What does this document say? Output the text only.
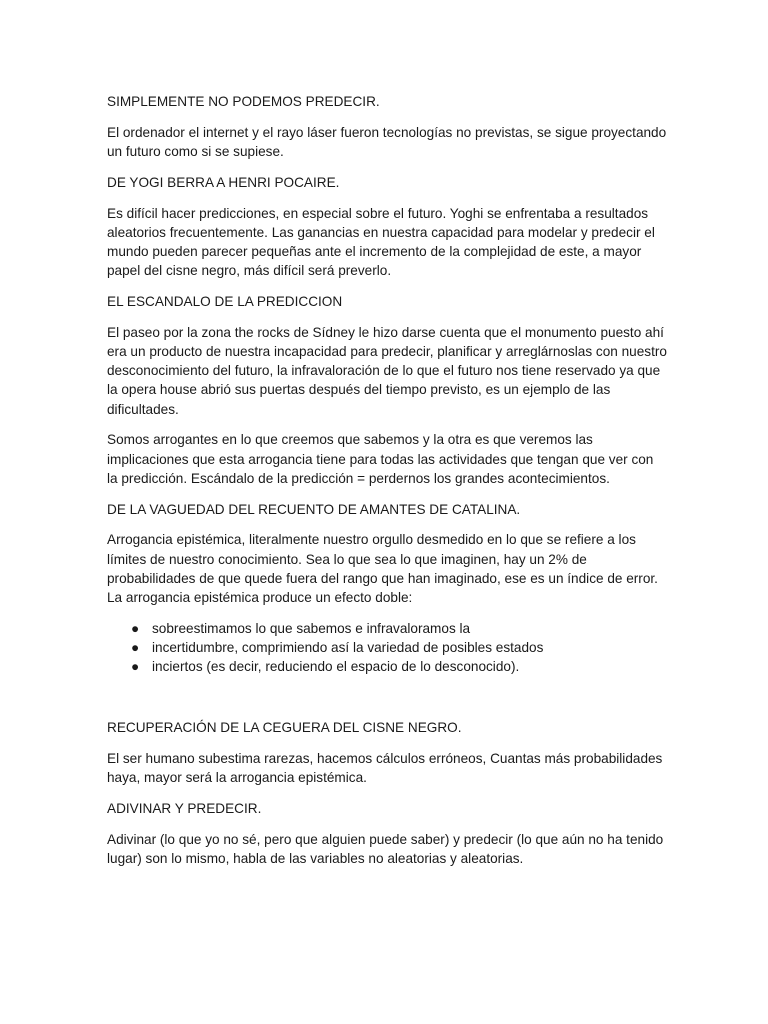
SIMPLEMENTE NO PODEMOS PREDECIR.

El ordenador el internet y el rayo láser fueron tecnologías no previstas, se sigue proyectando un futuro como si se supiese.

DE YOGI BERRA A HENRI POCAIRE.

Es difícil hacer predicciones, en especial sobre el futuro. Yoghi se enfrentaba a resultados aleatorios frecuentemente. Las ganancias en nuestra capacidad para modelar y predecir el mundo pueden parecer pequeñas ante el incremento de la complejidad de este, a mayor papel del cisne negro, más difícil será preverlo.

EL ESCANDALO DE LA PREDICCION

El paseo por la zona the rocks de Sídney le hizo darse cuenta que el monumento puesto ahí era un producto de nuestra incapacidad para predecir, planificar y arreglárnoslas con nuestro desconocimiento del futuro, la infravaloración de lo que el futuro nos tiene reservado ya que la opera house abrió sus puertas después del tiempo previsto, es un ejemplo de las dificultades.

Somos arrogantes en lo que creemos que sabemos y la otra es que veremos las implicaciones que esta arrogancia tiene para todas las actividades que tengan que ver con la predicción. Escándalo de la predicción = perdernos los grandes acontecimientos.

DE LA VAGUEDAD DEL RECUENTO DE AMANTES DE CATALINA.

Arrogancia epistémica, literalmente nuestro orgullo desmedido en lo que se refiere a los límites de nuestro conocimiento. Sea lo que sea lo que imaginen, hay un 2% de probabilidades de que quede fuera del rango que han imaginado, ese es un índice de error. La arrogancia epistémica produce un efecto doble:

● sobreestimamos lo que sabemos e infravaloramos la
● incertidumbre, comprimiendo así la variedad de posibles estados
● inciertos (es decir, reduciendo el espacio de lo desconocido).

RECUPERACIÓN DE LA CEGUERA DEL CISNE NEGRO.

El ser humano subestima rarezas, hacemos cálculos erróneos, Cuantas más probabilidades haya, mayor será la arrogancia epistémica.

ADIVINAR Y PREDECIR.

Adivinar (lo que yo no sé, pero que alguien puede saber) y predecir (lo que aún no ha tenido lugar) son lo mismo, habla de las variables no aleatorias y aleatorias.
